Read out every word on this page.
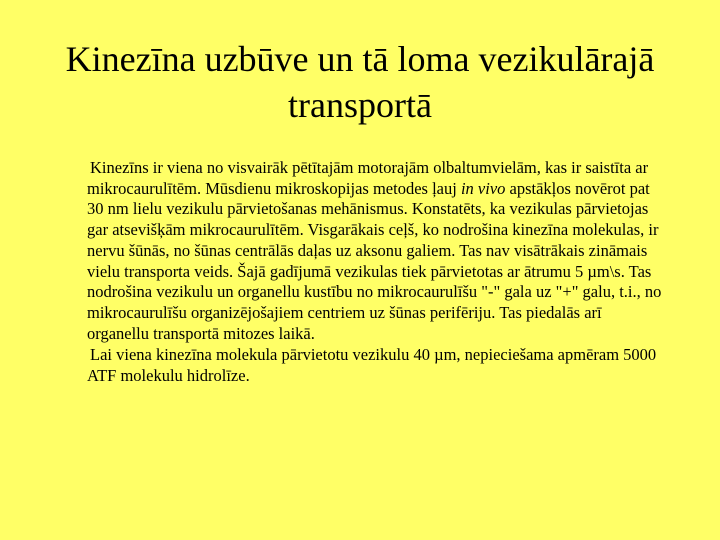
Kinezīna uzbūve un tā loma vezikulārajā transportā

Kinezīns ir viena no visvairāk pētītajām motorajām olbaltumvielām, kas ir saistīta ar mikrocaurulītēm. Mūsdienu mikroskopijas metodes ļauj in vivo apstākļos novērot pat 30 nm lielu vezikulu pārvietošanas mehānismus. Konstatēts, ka vezikulas pārvietojas gar atsevišķām mikrocaurulītēm. Visgarākais ceļš, ko nodrošina kinezīna molekulas, ir nervu šūnās, no šūnas centrālās daļas uz aksonu galiem. Tas nav visātrākais zināmais vielu transporta veids. Šajā gadījumā vezikulas tiek pārvietotas ar ātrumu 5 µm\s. Tas nodrošina vezikulu un organellu kustību no mikrocaurulīšu "-" gala uz "+" galu, t.i., no mikrocaurulīšu organizējošajiem centriem uz šūnas perifēriju. Tas piedalās arī organellu transportā mitozes laikā.

Lai viena kinezīna molekula pārvietotu vezikulu 40 µm, nepieciešama apmēram 5000 ATF molekulu hidrolīze.
